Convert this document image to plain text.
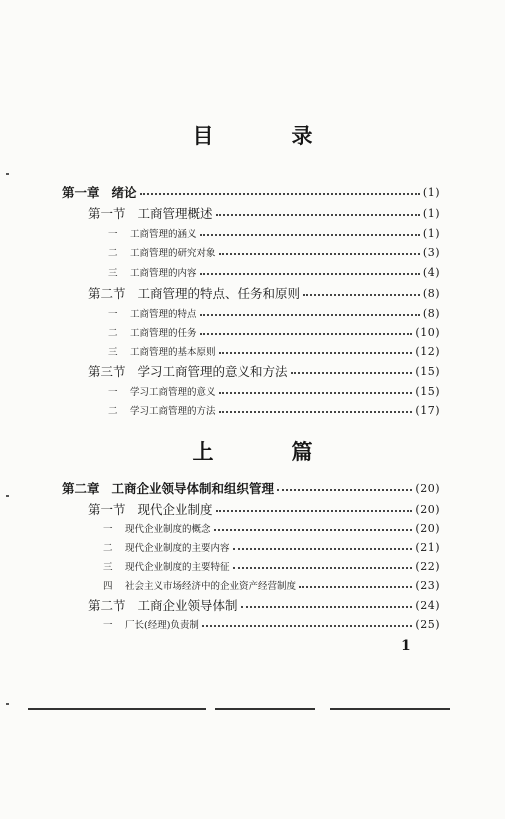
目	录
上	篇
第一章 绪论	(1)
第一节 工商管理概述	(1)
一 工商管理的涵义	(1)
二 工商管理的研究对象	(3)
三 工商管理的内容	(4)
第二节 工商管理的特点、任务和原则	(8)
一 工商管理的特点	(8)
二 工商管理的任务	(10)
三 工商管理的基本原则	(12)
第三节 学习工商管理的意义和方法	(15)
一 学习工商管理的意义	(15)
二 学习工商管理的方法	(17)
第二章 工商企业领导体制和组织管理	(20)
第一节 现代企业制度	(20)
一 现代企业制度的概念	(20)
二 现代企业制度的主要内容	(21)
三 现代企业制度的主要特征	(22)
四 社会主义市场经济中的企业资产经营制度	(23)
第二节 工商企业领导体制	(24)
一 厂长(经理)负责制	(25)
1
